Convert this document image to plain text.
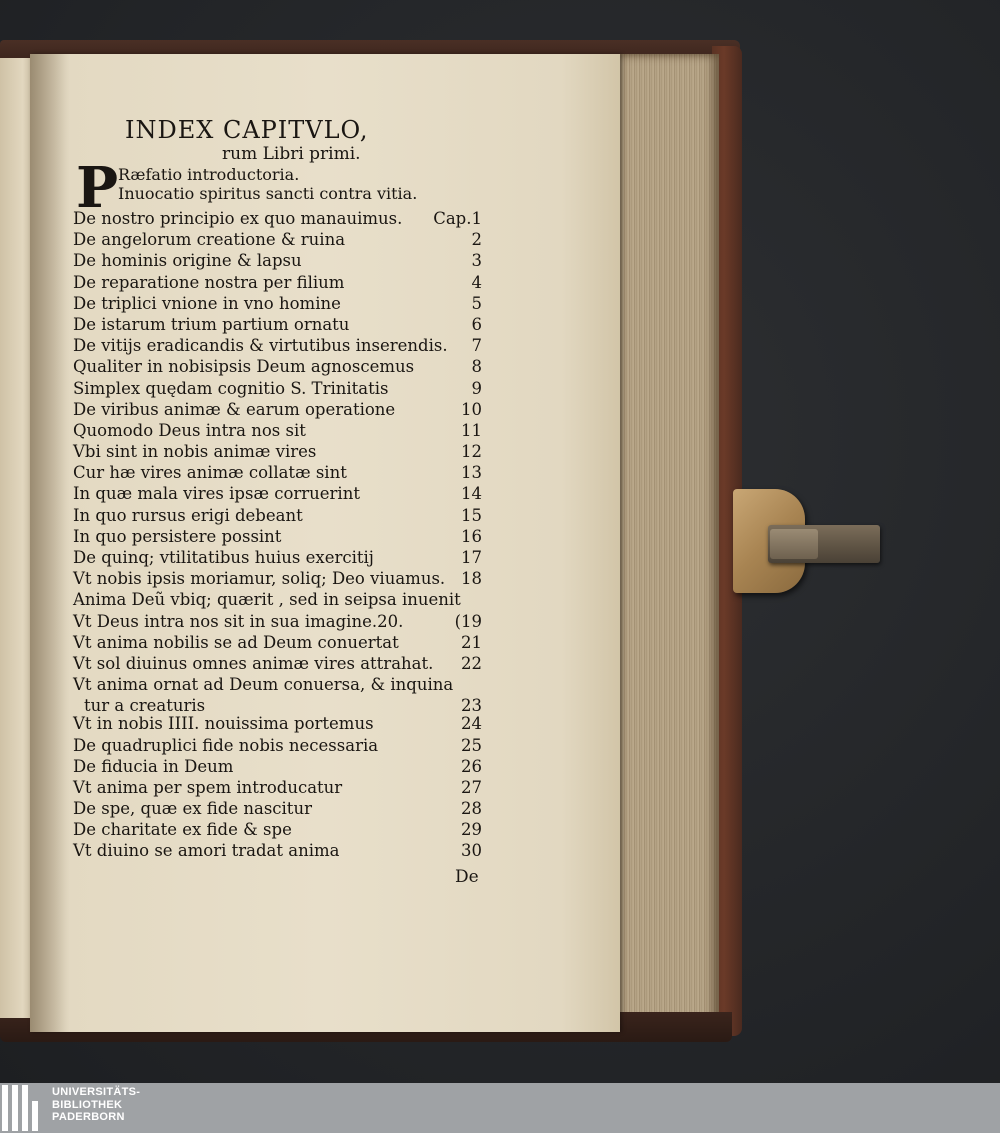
INDEX CAPITVLO,
rum Libri primi.
P Ræfatio introductoria.
Inuocatio spiritus sancti contra vitia.
De nostro principio ex quo manauimus. Cap.1
De angelorum creatione & ruina	2
De hominis origine & lapsu	3
De reparatione nostra per filium	4
De triplici vnione in vno homine	5
De istarum trium partium ornatu	6
De vitijs eradicandis & virtutibus inserendis. 7
Qualiter in nobisipsis Deum agnoscemus	8
Simplex quędam cognitio S. Trinitatis	9
De viribus animæ & earum operatione	10
Quomodo Deus intra nos sit	11
Vbi sint in nobis animæ vires	12
Cur hæ vires animæ collatæ sint	13
In quæ mala vires ipsæ corruerint	14
In quo rursus erigi debeant	15
In quo persistere possint	16
De quinq; vtilitatibus huius exercitij	17
Vt nobis ipsis moriamur, soliq; Deo viuamus. 18
Anima Deũ vbiq; quærit , sed in seipsa inuenit
Vt Deus intra nos sit in sua imagine.20.	(19
Vt anima nobilis se ad Deum conuertat	21
Vt sol diuinus omnes animæ vires attrahat. 22
Vt anima ornat ad Deum conuersa, & inquina
tur a creaturis	23
Vt in nobis IIII. nouissima portemus	24
De quadruplici fide nobis necessaria	25
De fiducia in Deum	26
Vt anima per spem introducatur	27
De spe, quæ ex fide nascitur	28
De charitate ex fide & spe	29
Vt diuino se amori tradat anima	30
De
UNIVERSITÄTS-
BIBLIOTHEK
PADERBORN
